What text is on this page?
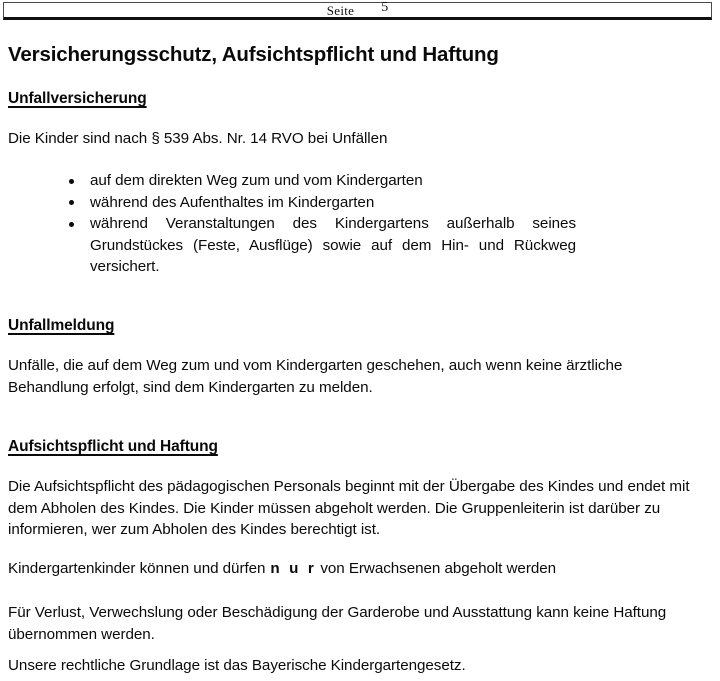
Seite 5
Versicherungsschutz, Aufsichtspflicht und Haftung
Unfallversicherung
Die Kinder sind nach § 539 Abs. Nr. 14 RVO bei Unfällen
auf dem direkten Weg zum und vom Kindergarten
während des Aufenthaltes im Kindergarten
während Veranstaltungen des Kindergartens außerhalb seines Grundstückes (Feste, Ausflüge) sowie auf dem Hin- und Rückweg versichert.
Unfallmeldung
Unfälle, die auf dem Weg zum und vom Kindergarten geschehen, auch wenn keine ärztliche Behandlung erfolgt, sind dem Kindergarten zu melden.
Aufsichtspflicht und Haftung
Die Aufsichtspflicht des pädagogischen Personals beginnt mit der Übergabe des Kindes und endet mit dem Abholen des Kindes. Die Kinder müssen abgeholt werden. Die Gruppenleiterin ist darüber zu informieren, wer zum Abholen des Kindes berechtigt ist.
Kindergartenkinder können und dürfen n u r von Erwachsenen abgeholt werden
Für Verlust, Verwechslung oder Beschädigung der Garderobe und Ausstattung kann keine Haftung übernommen werden.
Unsere rechtliche Grundlage ist das Bayerische Kindergartengesetz.
